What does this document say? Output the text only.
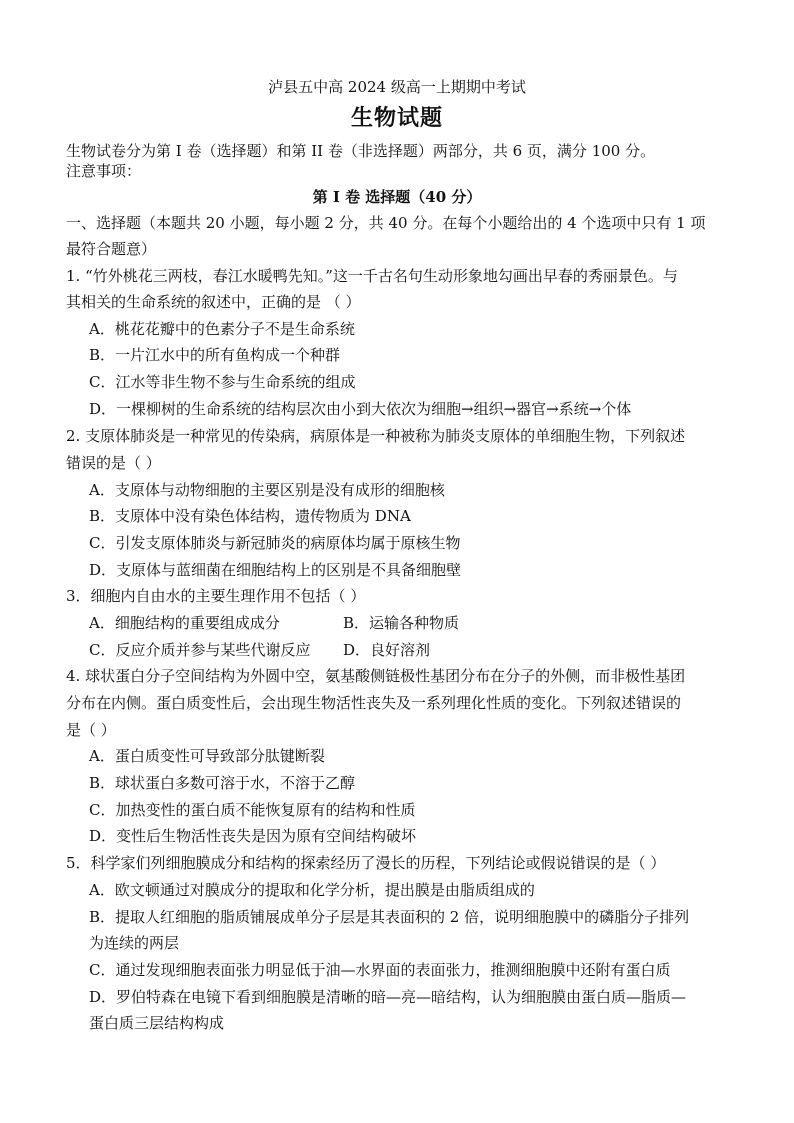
泸县五中高 2024 级高一上期期中考试
生物试题
生物试卷分为第 I 卷（选择题）和第 II 卷（非选择题）两部分，共 6 页，满分 100 分。
注意事项：
第 I 卷 选择题（40 分）
一、选择题（本题共 20 小题，每小题 2 分，共 40 分。在每个小题给出的 4 个选项中只有 1 项
最符合题意）
1. “竹外桃花三两枝，春江水暖鸭先知。”这一千古名句生动形象地勾画出早春的秀丽景色。与
其相关的生命系统的叙述中，正确的是 （ ）
A．桃花花瓣中的色素分子不是生命系统
B．一片江水中的所有鱼构成一个种群
C．江水等非生物不参与生命系统的组成
D．一棵柳树的生命系统的结构层次由小到大依次为细胞→组织→器官→系统→个体
2. 支原体肺炎是一种常见的传染病，病原体是一种被称为肺炎支原体的单细胞生物，下列叙述
错误的是（ ）
A．支原体与动物细胞的主要区别是没有成形的细胞核
B．支原体中没有染色体结构，遗传物质为 DNA
C．引发支原体肺炎与新冠肺炎的病原体均属于原核生物
D．支原体与蓝细菌在细胞结构上的区别是不具备细胞壁
3．细胞内自由水的主要生理作用不包括（ ）
A．细胞结构的重要组成成分	B．运输各种物质
C．反应介质并参与某些代谢反应 D．良好溶剂
4. 球状蛋白分子空间结构为外圆中空，氨基酸侧链极性基团分布在分子的外侧，而非极性基团
分布在内侧。蛋白质变性后，会出现生物活性丧失及一系列理化性质的变化。下列叙述错误的
是（ ）
A．蛋白质变性可导致部分肽键断裂
B．球状蛋白多数可溶于水，不溶于乙醇
C．加热变性的蛋白质不能恢复原有的结构和性质
D．变性后生物活性丧失是因为原有空间结构破坏
5．科学家们列细胞膜成分和结构的探索经历了漫长的历程，下列结论或假说错误的是（ ）
A．欧文顿通过对膜成分的提取和化学分析，提出膜是由脂质组成的
B．提取人红细胞的脂质铺展成单分子层是其表面积的 2 倍，说明细胞膜中的磷脂分子排列
为连续的两层
C．通过发现细胞表面张力明显低于油—水界面的表面张力，推测细胞膜中还附有蛋白质
D．罗伯特森在电镜下看到细胞膜是清晰的暗—亮—暗结构，认为细胞膜由蛋白质—脂质—
蛋白质三层结构构成
